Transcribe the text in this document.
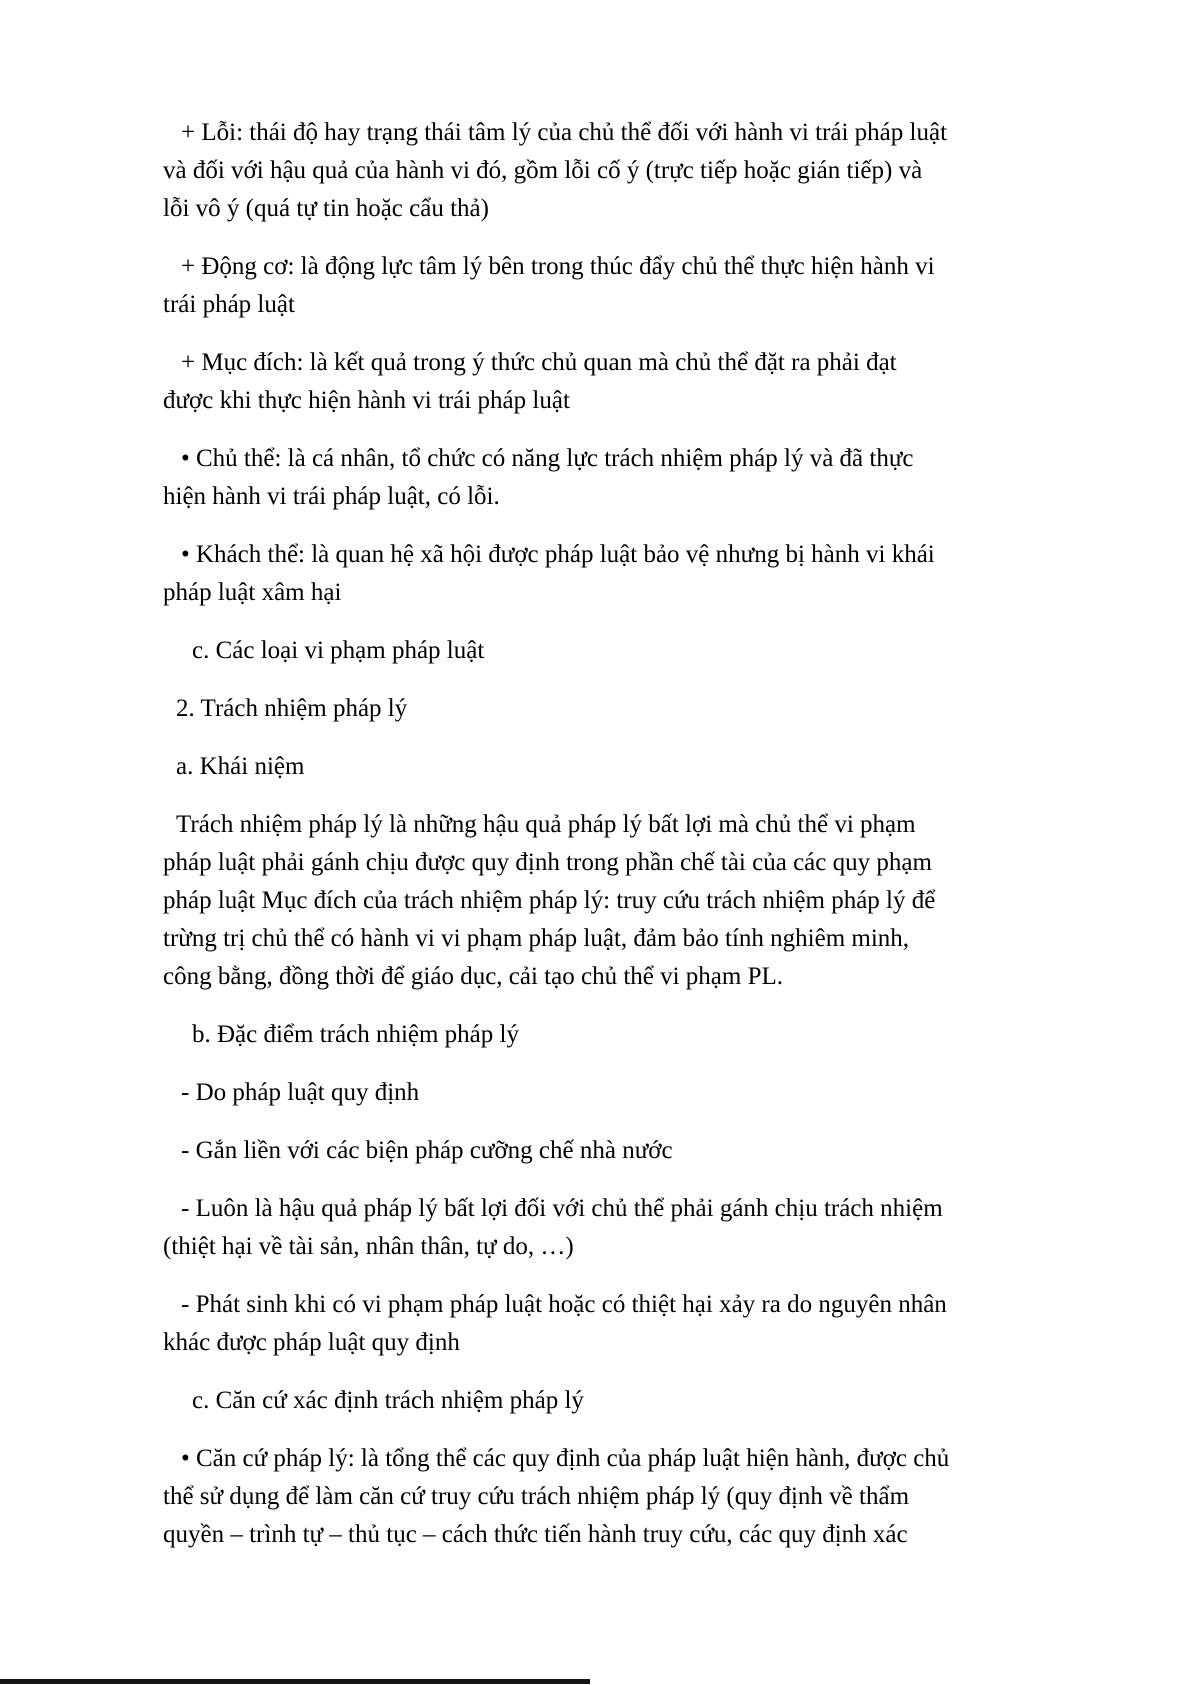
+ Lỗi: thái độ hay trạng thái tâm lý của chủ thể đối với hành vi trái pháp luật
và đối với hậu quả của hành vi đó, gồm lỗi cố ý (trực tiếp hoặc gián tiếp) và
lỗi vô ý (quá tự tin hoặc cẩu thả)

+ Động cơ: là động lực tâm lý bên trong thúc đẩy chủ thể thực hiện hành vi
trái pháp luật

+ Mục đích: là kết quả trong ý thức chủ quan mà chủ thể đặt ra phải đạt
được khi thực hiện hành vi trái pháp luật

• Chủ thể: là cá nhân, tổ chức có năng lực trách nhiệm pháp lý và đã thực
hiện hành vi trái pháp luật, có lỗi.

• Khách thể: là quan hệ xã hội được pháp luật bảo vệ nhưng bị hành vi khái
pháp luật xâm hại

c. Các loại vi phạm pháp luật

2. Trách nhiệm pháp lý

a. Khái niệm

Trách nhiệm pháp lý là những hậu quả pháp lý bất lợi mà chủ thể vi phạm
pháp luật phải gánh chịu được quy định trong phần chế tài của các quy phạm
pháp luật Mục đích của trách nhiệm pháp lý: truy cứu trách nhiệm pháp lý để
trừng trị chủ thể có hành vi vi phạm pháp luật, đảm bảo tính nghiêm minh,
công bằng, đồng thời để giáo dục, cải tạo chủ thể vi phạm PL.

b. Đặc điểm trách nhiệm pháp lý

- Do pháp luật quy định

- Gắn liền với các biện pháp cưỡng chế nhà nước

- Luôn là hậu quả pháp lý bất lợi đối với chủ thể phải gánh chịu trách nhiệm
(thiệt hại về tài sản, nhân thân, tự do, …)

- Phát sinh khi có vi phạm pháp luật hoặc có thiệt hại xảy ra do nguyên nhân
khác được pháp luật quy định

c. Căn cứ xác định trách nhiệm pháp lý

• Căn cứ pháp lý: là tổng thể các quy định của pháp luật hiện hành, được chủ
thể sử dụng để làm căn cứ truy cứu trách nhiệm pháp lý (quy định về thẩm
quyền – trình tự – thủ tục – cách thức tiến hành truy cứu, các quy định xác
